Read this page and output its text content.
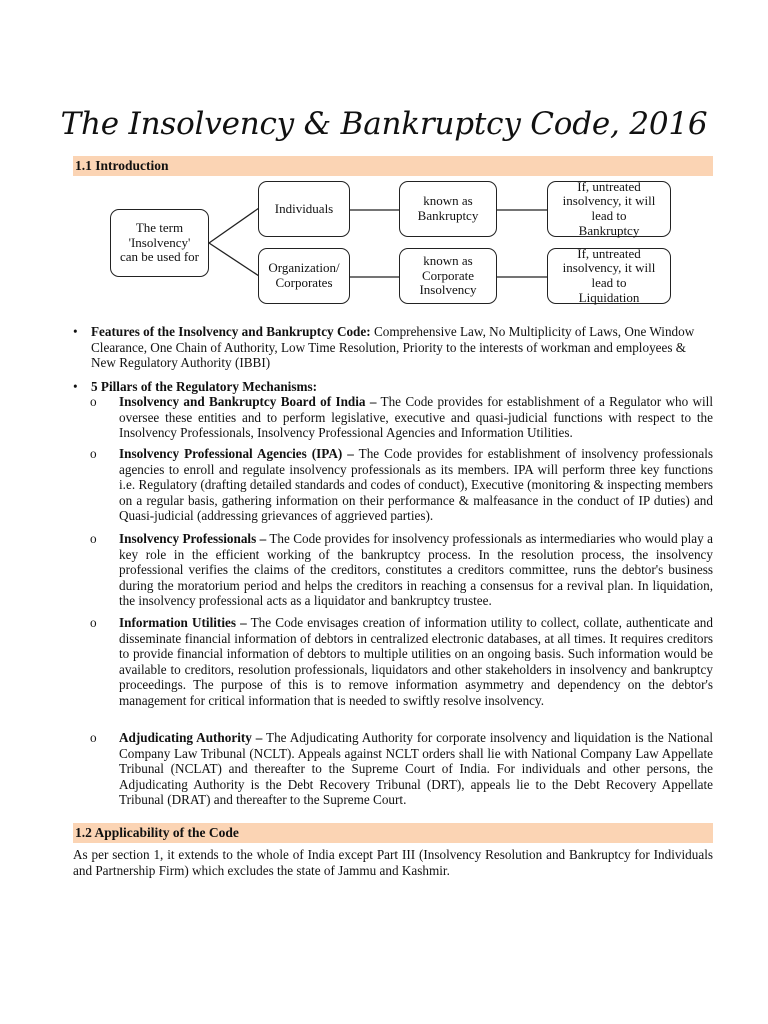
The Insolvency & Bankruptcy Code, 2016
1.1 Introduction
The term 'Insolvency' can be used for
Individuals
Organization/ Corporates
known as Bankruptcy
known as Corporate Insolvency
If, untreated insolvency, it will lead to Bankruptcy
If, untreated insolvency, it will lead to Liquidation
•	Features of the Insolvency and Bankruptcy Code: Comprehensive Law, No Multiplicity of Laws, One Window Clearance, One Chain of Authority, Low Time Resolution, Priority to the interests of workman and employees & New Regulatory Authority (IBBI)
•	5 Pillars of the Regulatory Mechanisms:
o Insolvency and Bankruptcy Board of India – The Code provides for establishment of a Regulator who will oversee these entities and to perform legislative, executive and quasi-judicial functions with respect to the Insolvency Professionals, Insolvency Professional Agencies and Information Utilities.
o Insolvency Professional Agencies (IPA) – The Code provides for establishment of insolvency professionals agencies to enroll and regulate insolvency professionals as its members. IPA will perform three key functions i.e. Regulatory (drafting detailed standards and codes of conduct), Executive (monitoring & inspecting members on a regular basis, gathering information on their performance & malfeasance in the conduct of IP duties) and Quasi-judicial (addressing grievances of aggrieved parties).
o Insolvency Professionals – The Code provides for insolvency professionals as intermediaries who would play a key role in the efficient working of the bankruptcy process. In the resolution process, the insolvency professional verifies the claims of the creditors, constitutes a creditors committee, runs the debtor's business during the moratorium period and helps the creditors in reaching a consensus for a revival plan. In liquidation, the insolvency professional acts as a liquidator and bankruptcy trustee.
o Information Utilities – The Code envisages creation of information utility to collect, collate, authenticate and disseminate financial information of debtors in centralized electronic databases, at all times. It requires creditors to provide financial information of debtors to multiple utilities on an ongoing basis. Such information would be available to creditors, resolution professionals, liquidators and other stakeholders in insolvency and bankruptcy proceedings. The purpose of this is to remove information asymmetry and dependency on the debtor's management for critical information that is needed to swiftly resolve insolvency.
o Adjudicating Authority – The Adjudicating Authority for corporate insolvency and liquidation is the National Company Law Tribunal (NCLT). Appeals against NCLT orders shall lie with National Company Law Appellate Tribunal (NCLAT) and thereafter to the Supreme Court of India. For individuals and other persons, the Adjudicating Authority is the Debt Recovery Tribunal (DRT), appeals lie to the Debt Recovery Appellate Tribunal (DRAT) and thereafter to the Supreme Court.
1.2 Applicability of the Code
As per section 1, it extends to the whole of India except Part III (Insolvency Resolution and Bankruptcy for Individuals and Partnership Firm) which excludes the state of Jammu and Kashmir.
